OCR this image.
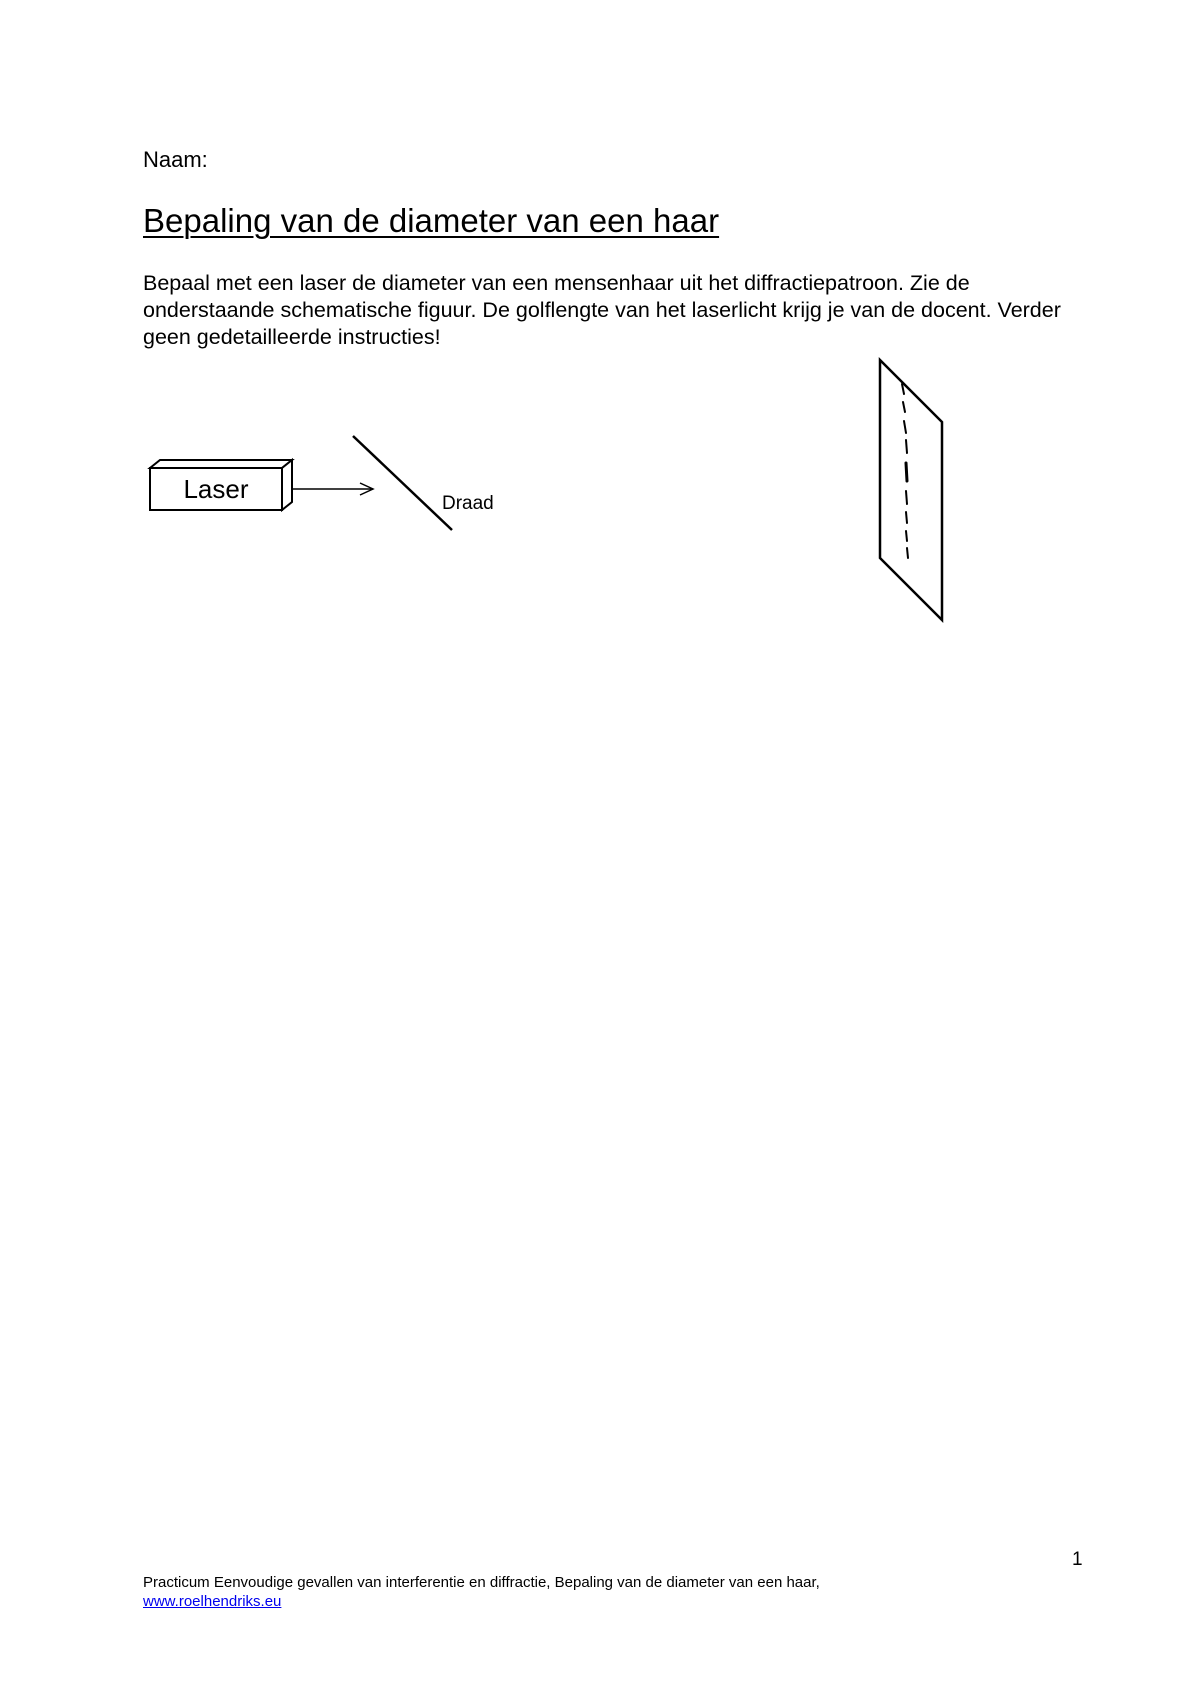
Naam:

Bepaling van de diameter van een haar

Bepaal met een laser de diameter van een mensenhaar uit het diffractiepatroon. Zie de onderstaande schematische figuur. De golflengte van het laserlicht krijg je van de docent. Verder geen gedetailleerde instructies!

Laser	Draad
1
Practicum Eenvoudige gevallen van interferentie en diffractie, Bepaling van de diameter van een haar,
www.roelhendriks.eu
